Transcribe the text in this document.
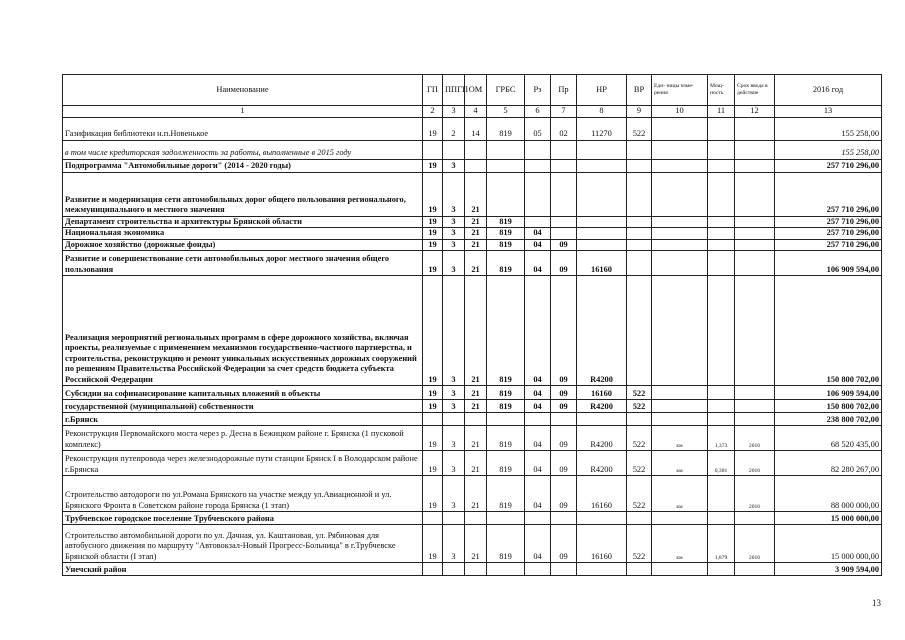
Наименование	ГП	ППГП	ОМ	ГРБС	Рз	Пр	НР	ВР	Еди- ницы изме- рения	Мощ- ность	Срок ввода в действие	2016 год
1	2	3	4	5	6	7	8	9	10	11	12	13
Газификация библиотеки н.п.Новенькое	19	2	14	819	05	02	11270	522				155 258,00
в том числе кредиторская задолженность за работы, выполненные в 2015 году												155 258,00
Подпрограмма "Автомобильные дороги" (2014 - 2020 годы)	19	3										257 710 296,00
Развитие и модернизация сети автомобильных дорог общего пользования регионального, межмуниципального и местного значения	19	3	21									257 710 296,00
Департамент строительства и архитектуры Брянской области	19	3	21	819								257 710 296,00
Национальная экономика	19	3	21	819	04							257 710 296,00
Дорожное хозяйство (дорожные фонды)	19	3	21	819	04	09						257 710 296,00
Развитие и совершенствование сети автомобильных дорог местного значения общего пользования	19	3	21	819	04	09	16160					106 909 594,00
Реализация мероприятий региональных программ в сфере дорожного хозяйства, включая проекты, реализуемые с применением механизмов государственно-частного партнерства, и строительства, реконструкцию и ремонт уникальных искусственных дорожных сооружений по решениям Правительства Российской Федерации за счет средств бюджета субъекта Российской Федерации	19	3	21	819	04	09	R4200					150 800 702,00
Субсидии на софинансирование капитальных вложений в объекты	19	3	21	819	04	09	16160	522				106 909 594,00
государственной (муниципальной) собственности	19	3	21	819	04	09	R4200	522				150 800 702,00
г.Брянск												238 800 702,00
Реконструкция Первомайского моста через р. Десна в Бежицком районе г. Брянска (1 пусковой комплекс)	19	3	21	819	04	09	R4200	522	км	1,373	2016	68 520 435,00
Реконструкция путепровода через железнодорожные пути станции Брянск I в Володарском районе г.Брянска	19	3	21	819	04	09	R4200	522	км	0,381	2016	82 280 267,00
Строительство автодороги по ул.Романа Брянского на участке между ул.Авиационной и ул. Брянского Фронта в Советском районе города Брянска (1 этап)	19	3	21	819	04	09	16160	522	км		2016	88 000 000,00
Трубчевское городское поселение Трубчевского района												15 000 000,00
Строительство автомобильной дороги по ул. Дачная, ул. Каштановая, ул. Рябиновая для автобусного движения по маршруту "Автовокзал-Новый Прогресс-Больница" в г.Трубчевске Брянской области (I этап)	19	3	21	819	04	09	16160	522	км	1,879	2016	15 000 000,00
Унечский район												3 909 594,00
13
